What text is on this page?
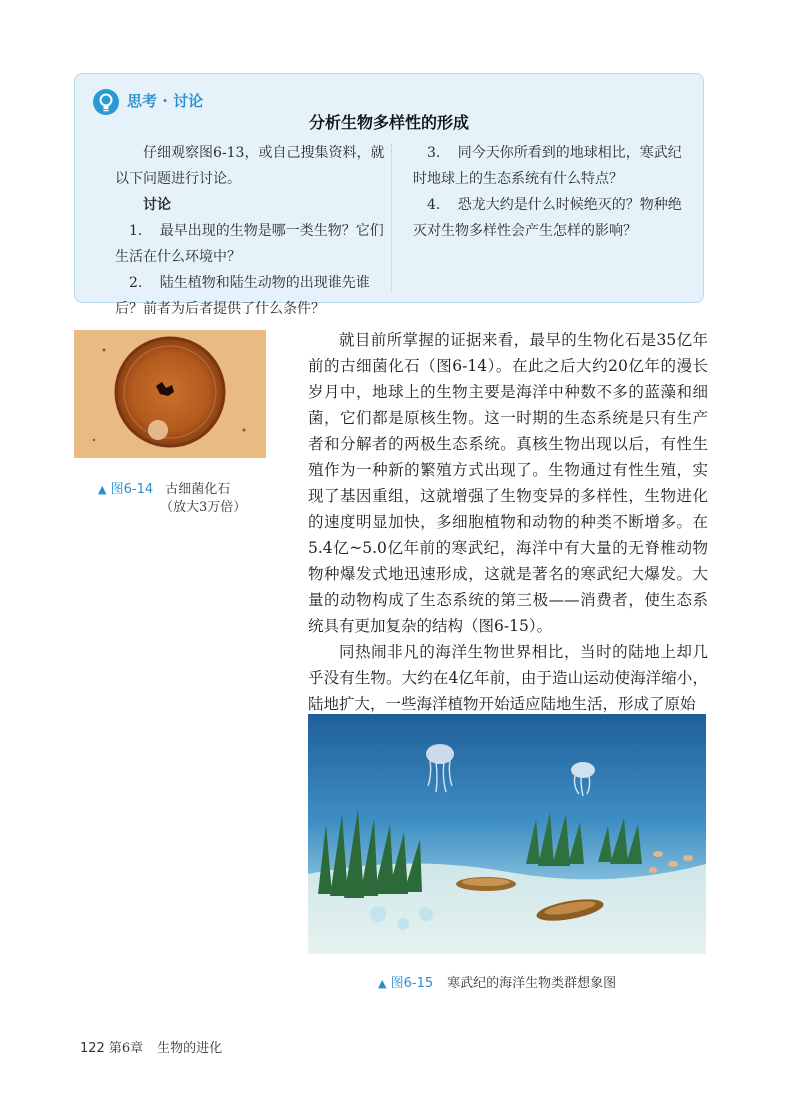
思考 · 讨论
分析生物多样性的形成

仔细观察图6-13，或自己搜集资料，就以下问题进行讨论。

讨论

1. 最早出现的生物是哪一类生物？它们生活在什么环境中？

2. 陆生植物和陆生动物的出现谁先谁后？前者为后者提供了什么条件？

3. 同今天你所看到的地球相比，寒武纪时地球上的生态系统有什么特点？

4. 恐龙大约是什么时候绝灭的？物种绝灭对生物多样性会产生怎样的影响？

▲ 图6-14 古细菌化石
（放大3万倍）

就目前所掌握的证据来看，最早的生物化石是35亿年前的古细菌化石（图6-14）。在此之后大约20亿年的漫长岁月中，地球上的生物主要是海洋中种数不多的蓝藻和细菌，它们都是原核生物。这一时期的生态系统是只有生产者和分解者的两极生态系统。真核生物出现以后，有性生殖作为一种新的繁殖方式出现了。生物通过有性生殖，实现了基因重组，这就增强了生物变异的多样性，生物进化的速度明显加快，多细胞植物和动物的种类不断增多。在5.4亿~5.0亿年前的寒武纪，海洋中有大量的无脊椎动物物种爆发式地迅速形成，这就是著名的寒武纪大爆发。大量的动物构成了生态系统的第三极——消费者，使生态系统具有更加复杂的结构（图6-15）。

同热闹非凡的海洋生物世界相比，当时的陆地上却几乎没有生物。大约在4亿年前，由于造山运动使海洋缩小，陆地扩大，一些海洋植物开始适应陆地生活，形成了原始

▲ 图6-15 寒武纪的海洋生物类群想象图
122 第6章 生物的进化
